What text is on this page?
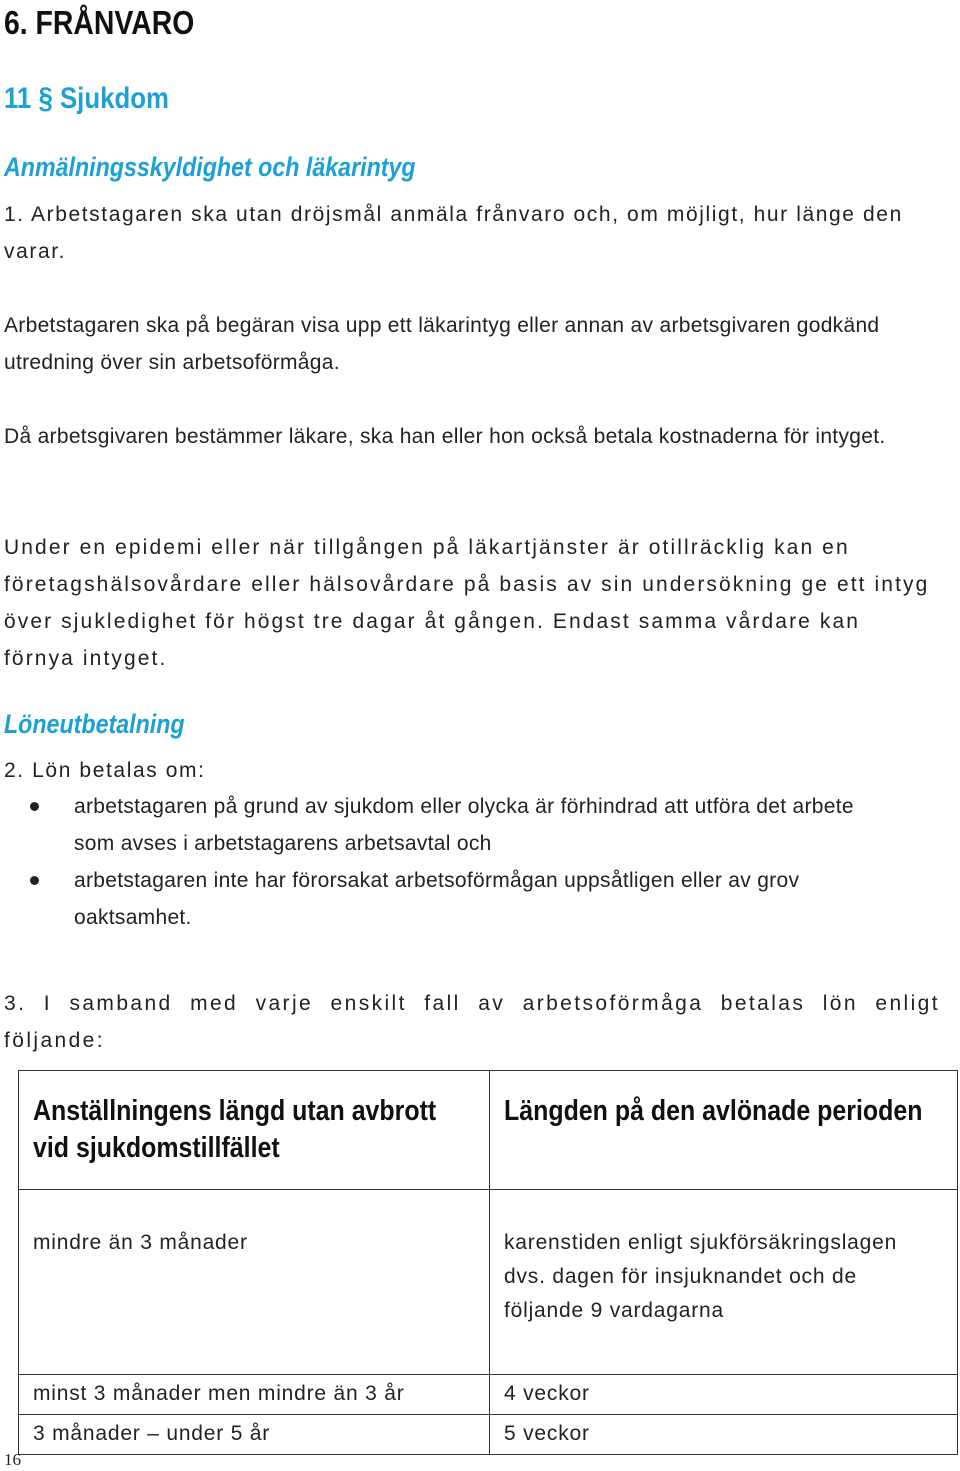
6. FRÅNVARO
11 § Sjukdom
Anmälningsskyldighet och läkarintyg

1. Arbetstagaren ska utan dröjsmål anmäla frånvaro och, om möjligt, hur länge den varar.

Arbetstagaren ska på begäran visa upp ett läkarintyg eller annan av arbetsgivaren godkänd utredning över sin arbetsoförmåga.

Då arbetsgivaren bestämmer läkare, ska han eller hon också betala kostnaderna för intyget.

Under en epidemi eller när tillgången på läkartjänster är otillräcklig kan en företagshälsovårdare eller hälsovårdare på basis av sin undersökning ge ett intyg över sjukledighet för högst tre dagar åt gången. Endast samma vårdare kan förnya intyget.

Löneutbetalning

2. Lön betalas om:

arbetstagaren på grund av sjukdom eller olycka är förhindrad att utföra det arbete som avses i arbetstagarens arbetsavtal och
arbetstagaren inte har förorsakat arbetsoförmågan uppsåtligen eller av grov oaktsamhet.

3. I samband med varje enskilt fall av arbetsoförmåga betalas lön enligt följande:

Anställningens längd utan avbrott vid sjukdomstillfället	Längden på den avlönade perioden

mindre än 3 månader	karenstiden enligt sjukförsäkringslagen dvs. dagen för insjuknandet och de följande 9 vardagarna
minst 3 månader men mindre än 3 år	4 veckor
3 månader – under 5 år	5 veckor
16
